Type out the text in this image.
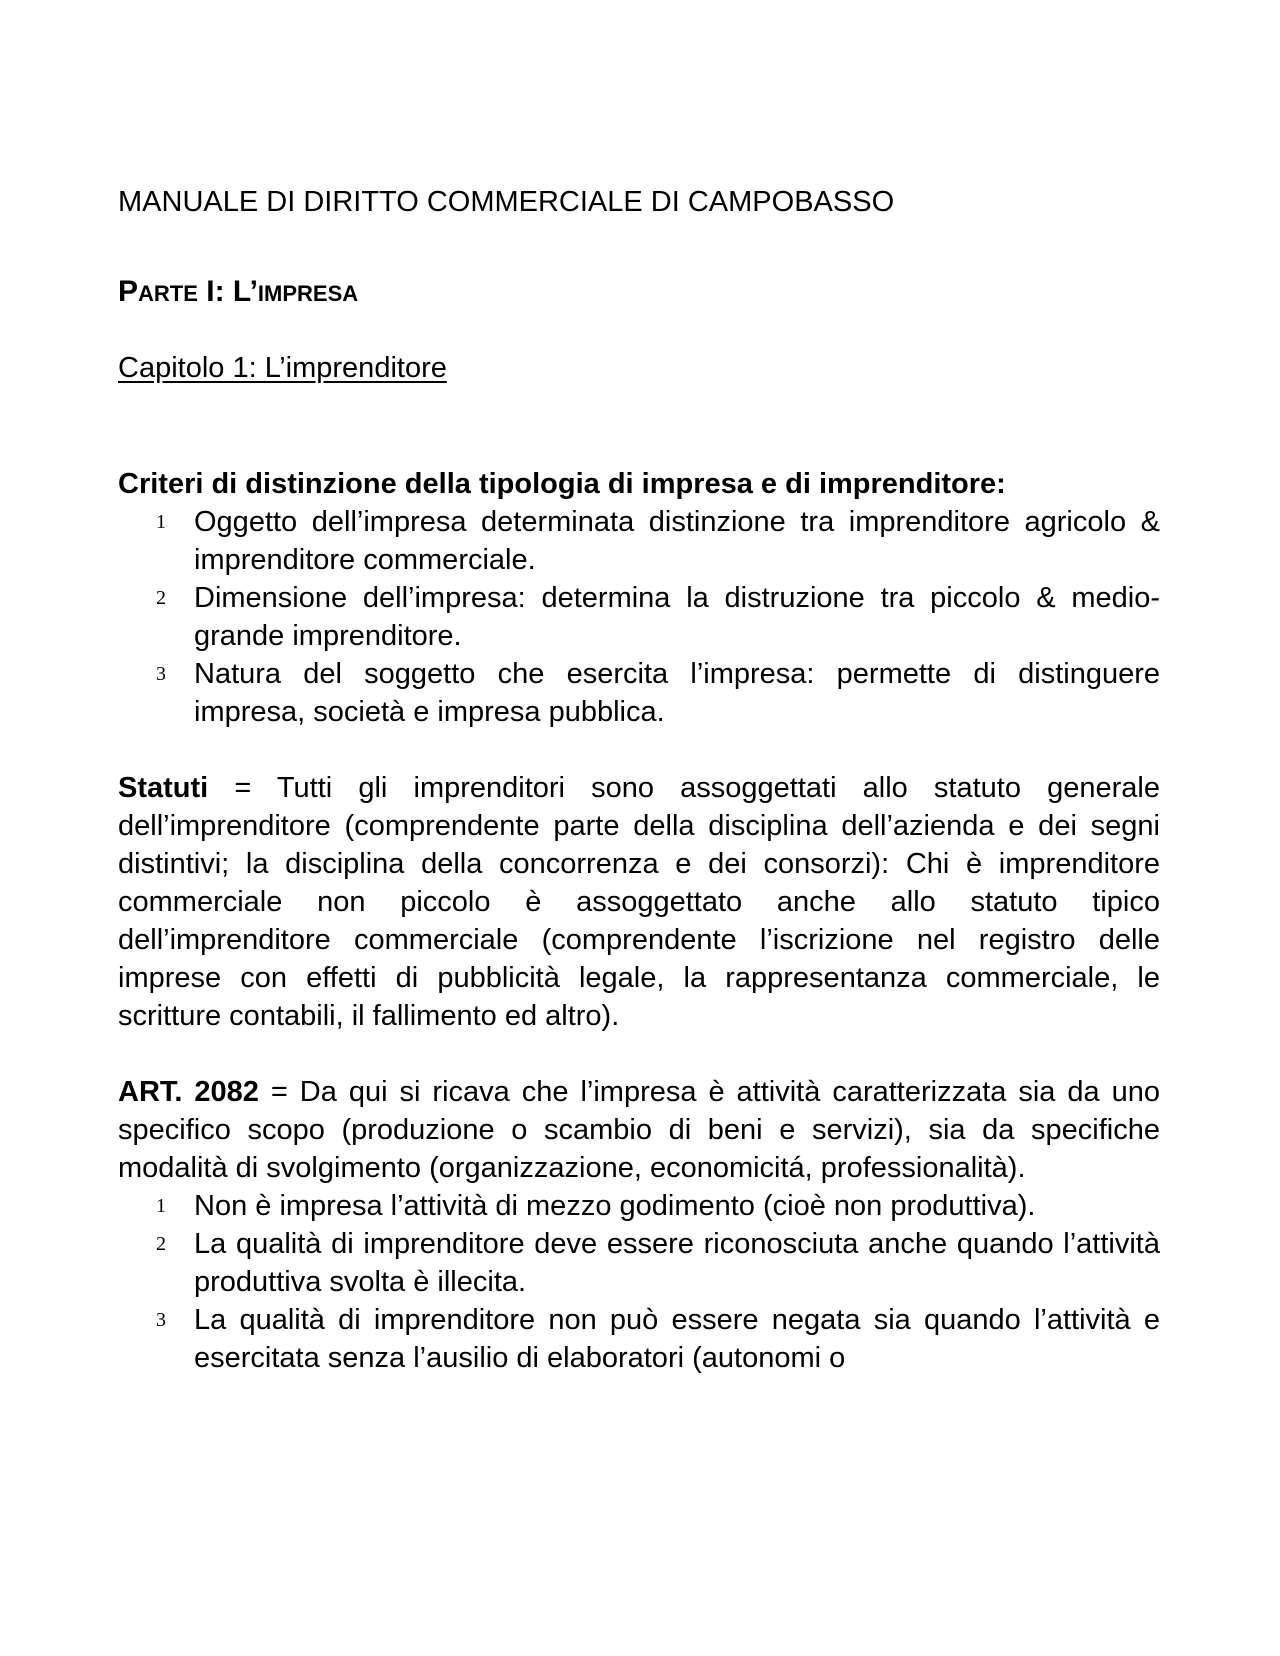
MANUALE DI DIRITTO COMMERCIALE DI CAMPOBASSO
PARTE I: L’IMPRESA
Capitolo 1: L’imprenditore

Criteri di distinzione della tipologia di impresa e di imprenditore:

1 Oggetto dell’impresa determinata distinzione tra imprenditore agricolo & imprenditore commerciale.
2 Dimensione dell’impresa: determina la distruzione tra piccolo & medio-grande imprenditore.
3 Natura del soggetto che esercita l’impresa: permette di distinguere impresa, società e impresa pubblica.

Statuti = Tutti gli imprenditori sono assoggettati allo statuto generale dell’imprenditore (comprendente parte della disciplina dell’azienda e dei segni distintivi; la disciplina della concorrenza e dei consorzi): Chi è imprenditore commerciale non piccolo è assoggettato anche allo statuto tipico dell’imprenditore commerciale (comprendente l’iscrizione nel registro delle imprese con effetti di pubblicità legale, la rappresentanza commerciale, le scritture contabili, il fallimento ed altro).

ART. 2082 = Da qui si ricava che l’impresa è attività caratterizzata sia da uno specifico scopo (produzione o scambio di beni e servizi), sia da specifiche modalità di svolgimento (organizzazione, economicitá, professionalità).

1 Non è impresa l’attività di mezzo godimento (cioè non produttiva).
2 La qualità di imprenditore deve essere riconosciuta anche quando l’attività produttiva svolta è illecita.
3 La qualità di imprenditore non può essere negata sia quando l’attività e esercitata senza l’ausilio di elaboratori (autonomi o
